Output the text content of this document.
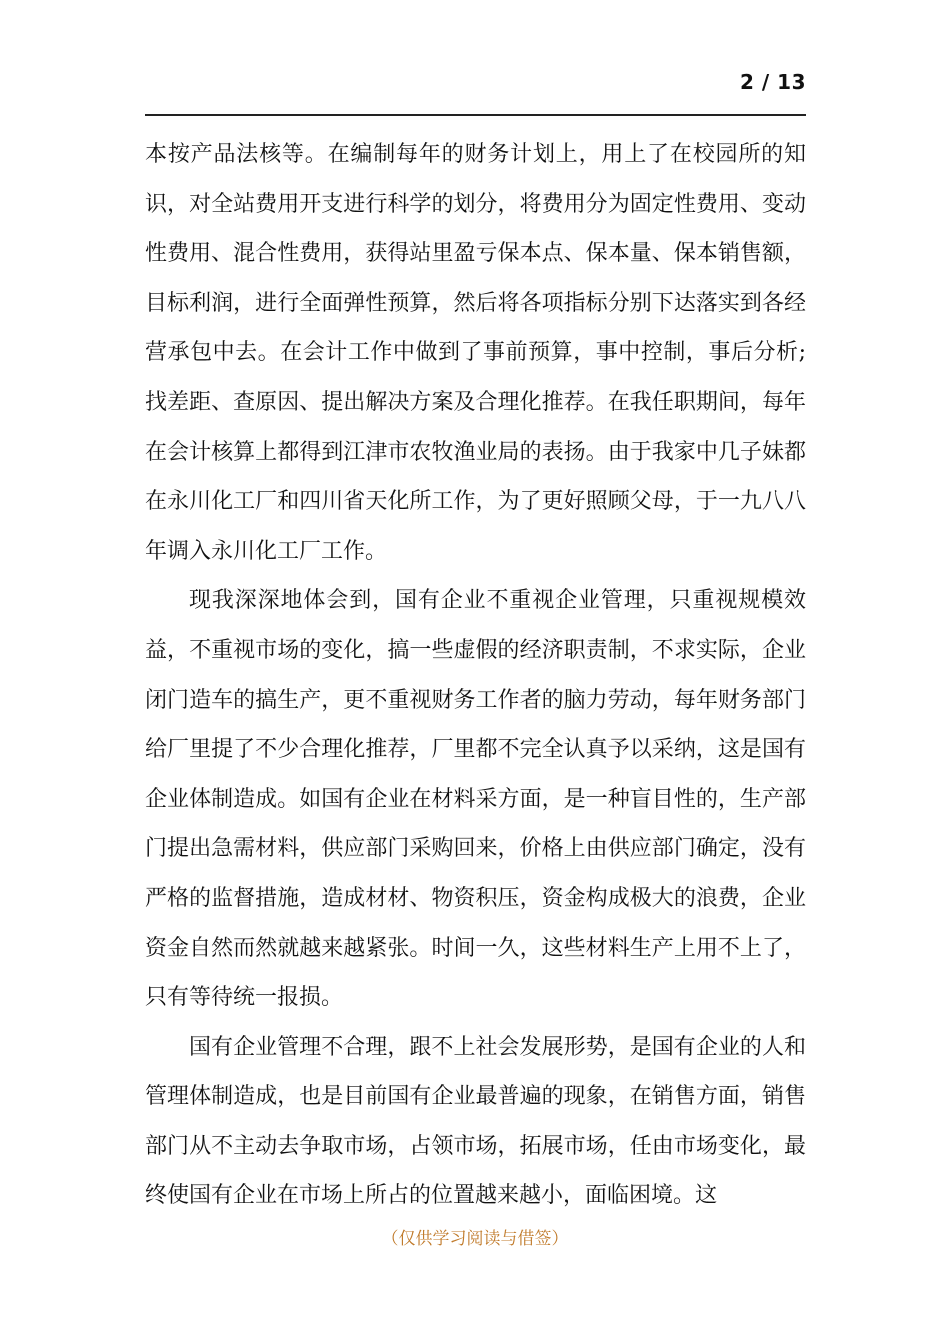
2 / 13

本按产品法核等。在编制每年的财务计划上，用上了在校园所的知识，对全站费用开支进行科学的划分，将费用分为固定性费用、变动性费用、混合性费用，获得站里盈亏保本点、保本量、保本销售额，目标利润，进行全面弹性预算，然后将各项指标分别下达落实到各经营承包中去。在会计工作中做到了事前预算，事中控制，事后分析;找差距、查原因、提出解决方案及合理化推荐。在我任职期间，每年在会计核算上都得到江津市农牧渔业局的表扬。由于我家中几子妹都在永川化工厂和四川省天化所工作，为了更好照顾父母，于一九八八年调入永川化工厂工作。

现我深深地体会到，国有企业不重视企业管理，只重视规模效益，不重视市场的变化，搞一些虚假的经济职责制，不求实际，企业闭门造车的搞生产，更不重视财务工作者的脑力劳动，每年财务部门给厂里提了不少合理化推荐，厂里都不完全认真予以采纳，这是国有企业体制造成。如国有企业在材料采方面，是一种盲目性的，生产部门提出急需材料，供应部门采购回来，价格上由供应部门确定，没有严格的监督措施，造成材材、物资积压，资金构成极大的浪费，企业资金自然而然就越来越紧张。时间一久，这些材料生产上用不上了，只有等待统一报损。

国有企业管理不合理，跟不上社会发展形势，是国有企业的人和管理体制造成，也是目前国有企业最普遍的现象，在销售方面，销售部门从不主动去争取市场，占领市场，拓展市场，任由市场变化，最终使国有企业在市场上所占的位置越来越小，面临困境。这

（仅供学习阅读与借签）
